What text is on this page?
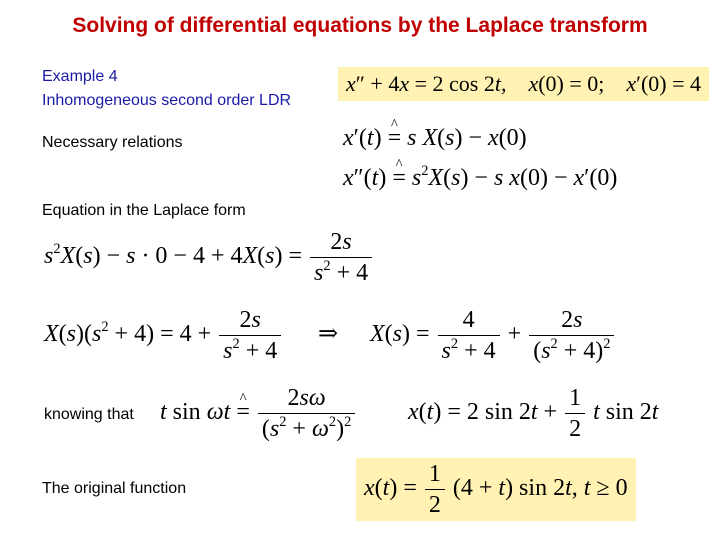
Solving of differential equations by the Laplace transform
Example 4
Inhomogeneous second order LDR
x″ + 4x = 2 cos 2t,    x(0) = 0;    x′(0) = 4
Necessary relations	x′(t) ^ = s X(s) − x(0)
x″(t) ^ = $s^2X(s) - s$ x(0) − x′(0)
Equation in the Laplace form
$s^2X(s) - s \cdot 0 - 4 + 4X(s) = \frac{2s}{s^2 + 4}$
$X(s)(s^2 + 4) = 4 + \frac{2s}{s^2 + 4}$ ⇒ $X(s) = \frac{4}{s^2 + 4} + \frac{2s}{(s^2 + 4)^2}$
knowing that t sin ωt ^ = $\frac{2s\omega}{(s^2 + \omega^2)^2} x(t) = 2$ $\sin 2t + \frac{1}{2}$ t sin 2t
The original function	$x(t) = \frac{1}{2} (4 + t)$ sin 2t, t ≥ 0
